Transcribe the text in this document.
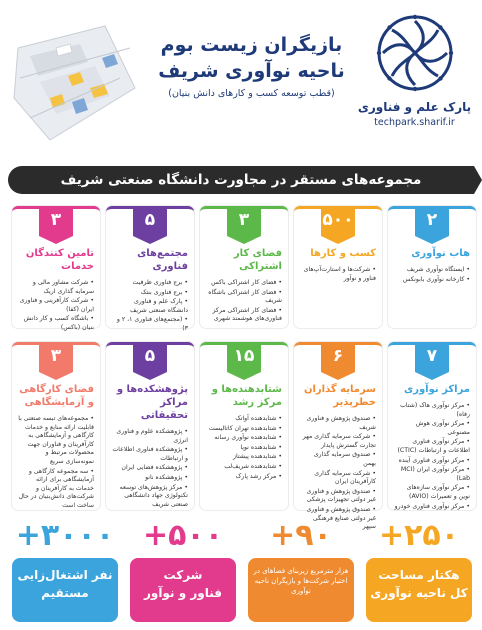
پارک علم و فناوری
techpark.sharif.ir
بازیگران زیست بوم
ناحیه نوآوری شریف
(قطب توسعه کسب و کارهای دانش بنیان)
مجموعه‌های مستقر در مجاورت دانشگاه صنعتی شریف
۲
هاب نوآوری
• ایستگاه نوآوری شریف
• کارخانه نوآوری بابونکس
۵۰۰
کسب و کارها
• شرکت‌ها و استارت‌آپ‌های فناور و نوآور
۳
فضای کار اشتراکی
• فضای کار اشتراکی باکس
• فضای کار اشتراکی باشگاه شریف
• فضای کار اشتراکی مرکز فناوری‌های هوشمند شهری
۵
مجتمع‌های فناوری
• برج فناوری ظرفیت
• برج فناوری بنتک
• پارک علم و فناوری دانشگاه صنعتی شریف
• (مجتمع‌های فناوری ۱، ۲ و ۳)
۳
تامین کنندگان خدمات
• شرکت مشاور مالی و سرمایه گذاری اریک
• شرکت کارآفرینی و فناوری ایران (کفا)
• باشگاه کسب و کار دانش بنیان (باکس)
۷
مراکز نوآوری
• مرکز نوآوری هاک (شتاب رفاه)
• مرکز نوآوری هوش مصنوعی
• مرکز نوآوری فناوری اطلاعات و ارتباطات (CTIC)
• مرکز نوآوری فناوری آینده
• مرکز نوآوری ایران (MCI Lab)
• مرکز نوآوری سازه‌های نوین و تعمیرات (AVIO)
• مرکز نوآوری فناوری خودرو
۶
سرمایه گذاران خطرپذیر
• صندوق پژوهش و فناوری شریف
• شرکت سرمایه گذاری مهر تجارت گسترش پایدار
• صندوق سرمایه گذاری بهمن
• شرکت سرمایه گذاری کارآفرینان ایران
• صندوق پژوهش و فناوری غیر دولتی تجهیزات پزشکی
• صندوق پژوهش و فناوری غیر دولتی صنایع فرهنگی سپهر
۱۵
شتابدهنده‌ها و مرکز رشد
• شتابدهنده آواتک
• شتابدهنده تهران کاتالیست
• شتابدهنده نوآوری رسانه
• شتابدهنده نوپا
• شتابدهنده پیشتاز
• شتابدهنده شریف‌لب
• مرکز رشد پارک
۵
پژوهشکده‌ها و مراکز تحقیقاتی
• پژوهشکده علوم و فناوری انرژی
• پژوهشکده فناوری اطلاعات و ارتباطات
• پژوهشکده فضایی ایران
• پژوهشکده نانو
• مرکز پژوهش‌های توسعه تکنولوژی جهاد دانشگاهی صنعتی شریف
۳
فضای کارگاهی و آزمایشگاهی
• مجموعه‌های تبسه صنعتی با قابلیت ارائه منابع و خدمات کارگاهی و آزمایشگاهی به کارآفرینان و فناوران جهت محصولات مرتبط و نمونه‌سازی سریع
• سه مجموعه کارگاهی و آزمایشگاهی برای ارائه خدمات به کارآفرینان و شرکت‌های دانش‌بنیان در حال ساخت است
+۲۵۰
هکتار مساحت
کل ناحیه نوآوری
+۹۰
هزار مترمربع زیربنای فضاهای در اختیار شرکت‌ها و بازیگران ناحیه نوآوری
+۵۰۰
شرکت
فناور و نوآور
+۳۰۰۰
نفر اشتغال‌زایی
مستقیم
